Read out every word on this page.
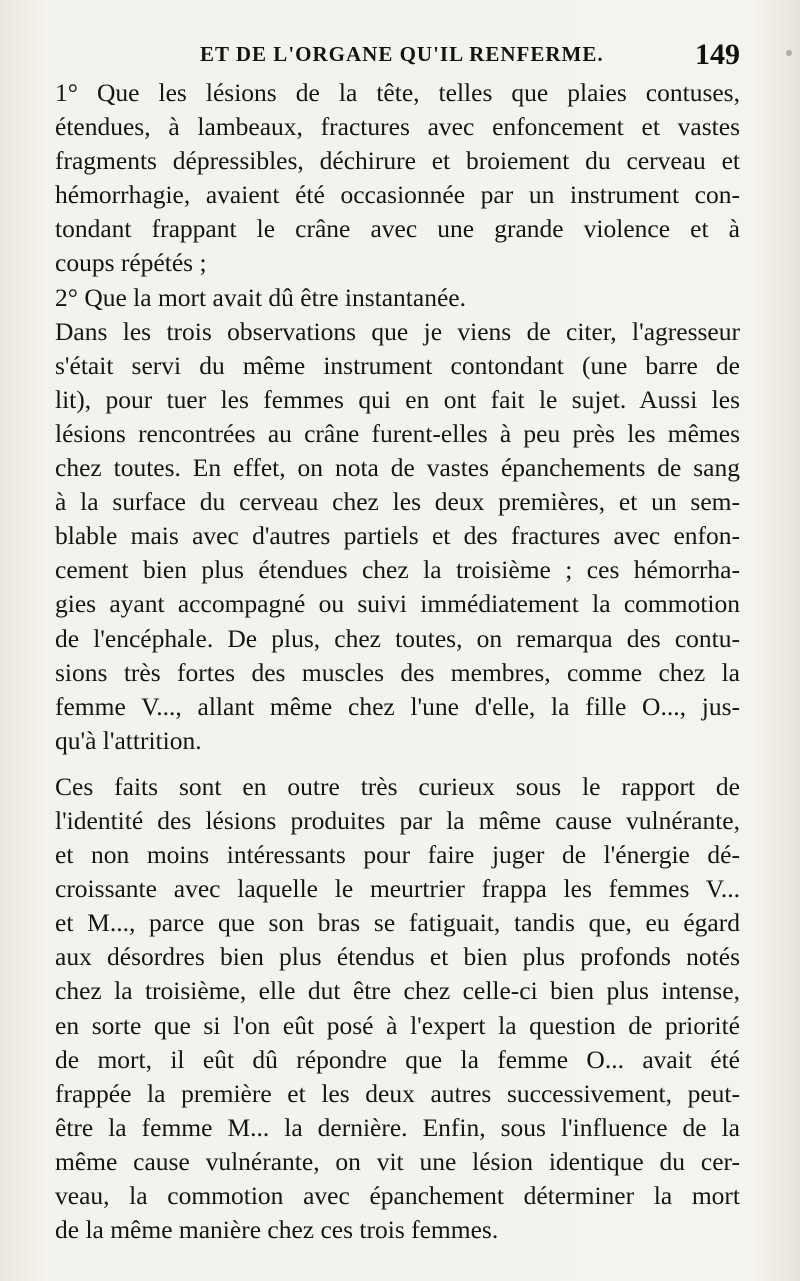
ET DE L'ORGANE QU'IL RENFERME.	149
1° Que les lésions de la tête, telles que plaies contuses,
étendues, à lambeaux, fractures avec enfoncement et vastes
fragments dépressibles, déchirure et broiement du cerveau et
hémorrhagie, avaient été occasionnée par un instrument con-
tondant frappant le crâne avec une grande violence et à
coups répétés ;
2° Que la mort avait dû être instantanée.
Dans les trois observations que je viens de citer, l'agresseur
s'était servi du même instrument contondant (une barre de
lit), pour tuer les femmes qui en ont fait le sujet. Aussi les
lésions rencontrées au crâne furent-elles à peu près les mêmes
chez toutes. En effet, on nota de vastes épanchements de sang
à la surface du cerveau chez les deux premières, et un sem-
blable mais avec d'autres partiels et des fractures avec enfon-
cement bien plus étendues chez la troisième ; ces hémorrha-
gies ayant accompagné ou suivi immédiatement la commotion
de l'encéphale. De plus, chez toutes, on remarqua des contu-
sions très fortes des muscles des membres, comme chez la
femme V..., allant même chez l'une d'elle, la fille O..., jus-
qu'à l'attrition.
Ces faits sont en outre très curieux sous le rapport de
l'identité des lésions produites par la même cause vulnérante,
et non moins intéressants pour faire juger de l'énergie dé-
croissante avec laquelle le meurtrier frappa les femmes V...
et M..., parce que son bras se fatiguait, tandis que, eu égard
aux désordres bien plus étendus et bien plus profonds notés
chez la troisième, elle dut être chez celle-ci bien plus intense,
en sorte que si l'on eût posé à l'expert la question de priorité
de mort, il eût dû répondre que la femme O... avait été
frappée la première et les deux autres successivement, peut-
être la femme M... la dernière. Enfin, sous l'influence de la
même cause vulnérante, on vit une lésion identique du cer-
veau, la commotion avec épanchement déterminer la mort
de la même manière chez ces trois femmes.
